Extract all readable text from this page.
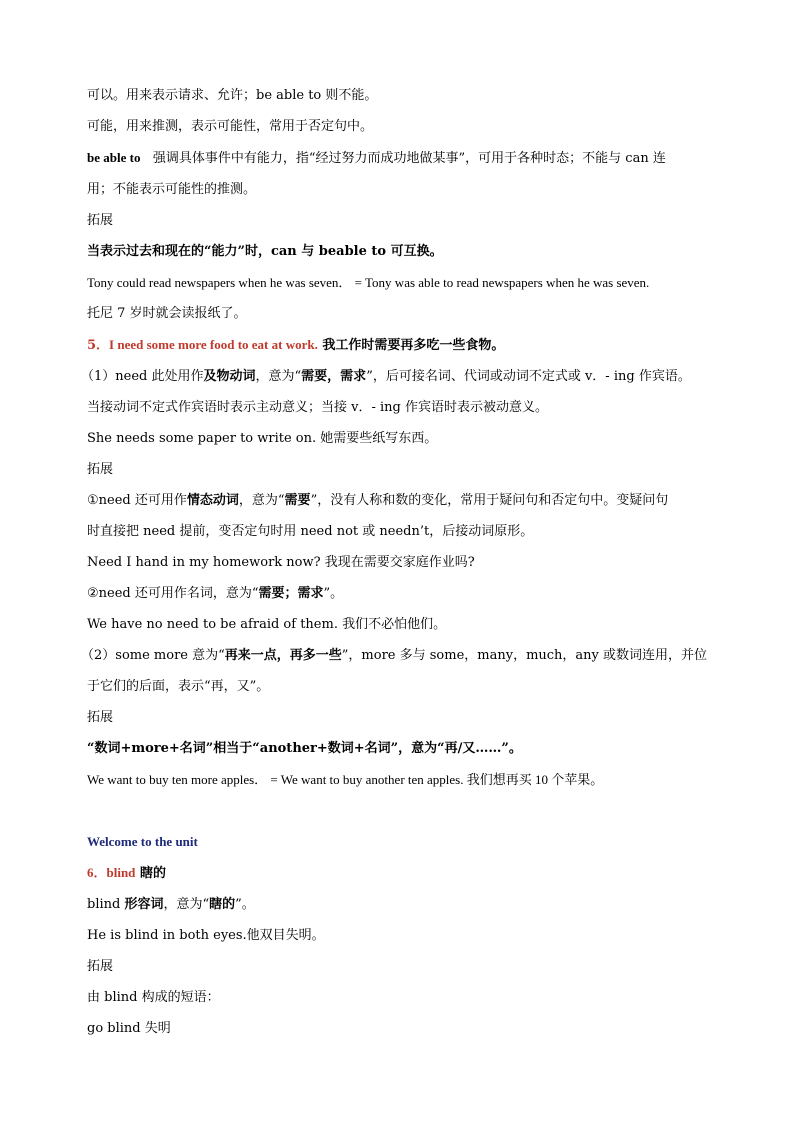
可以。用来表示请求、允许；be able to 则不能。
可能，用来推测，表示可能性，常用于否定句中。
be able to 强调具体事件中有能力，指“经过努力而成功地做某事”，可用于各种时态；不能与 can 连
用；不能表示可能性的推测。
拓展
当表示过去和现在的“能力”时，can 与 beable to 可互换。
Tony could read newspapers when he was seven． = Tony was able to read newspapers when he was seven.
托尼 7 岁时就会读报纸了。
5．I need some more food to eat at work. 我工作时需要再多吃一些食物。
（1）need 此处用作及物动词，意为“需要，需求”，后可接名词、代词或动词不定式或 v．- ing 作宾语。
当接动词不定式作宾语时表示主动意义；当接 v．- ing 作宾语时表示被动意义。
She needs some paper to write on. 她需要些纸写东西。
拓展
①need 还可用作情态动词，意为“需要”，没有人称和数的变化，常用于疑问句和否定句中。变疑问句
时直接把 need 提前，变否定句时用 need not 或 needn’t，后接动词原形。
Need I hand in my homework now? 我现在需要交家庭作业吗?
②need 还可用作名词，意为“需要；需求”。
We have no need to be afraid of them. 我们不必怕他们。
（2）some more 意为“再来一点，再多一些”，more 多与 some，many，much，any 或数词连用，并位
于它们的后面，表示“再，又”。
拓展
“数词+more+名词”相当于“another+数词+名词”，意为“再/又……”。
We want to buy ten more apples． = We want to buy another ten apples. 我们想再买 10 个苹果。
Welcome to the unit
6．blind 瞎的
blind 形容词，意为“瞎的”。
He is blind in both eyes.他双目失明。
拓展
由 blind 构成的短语：
go blind 失明
